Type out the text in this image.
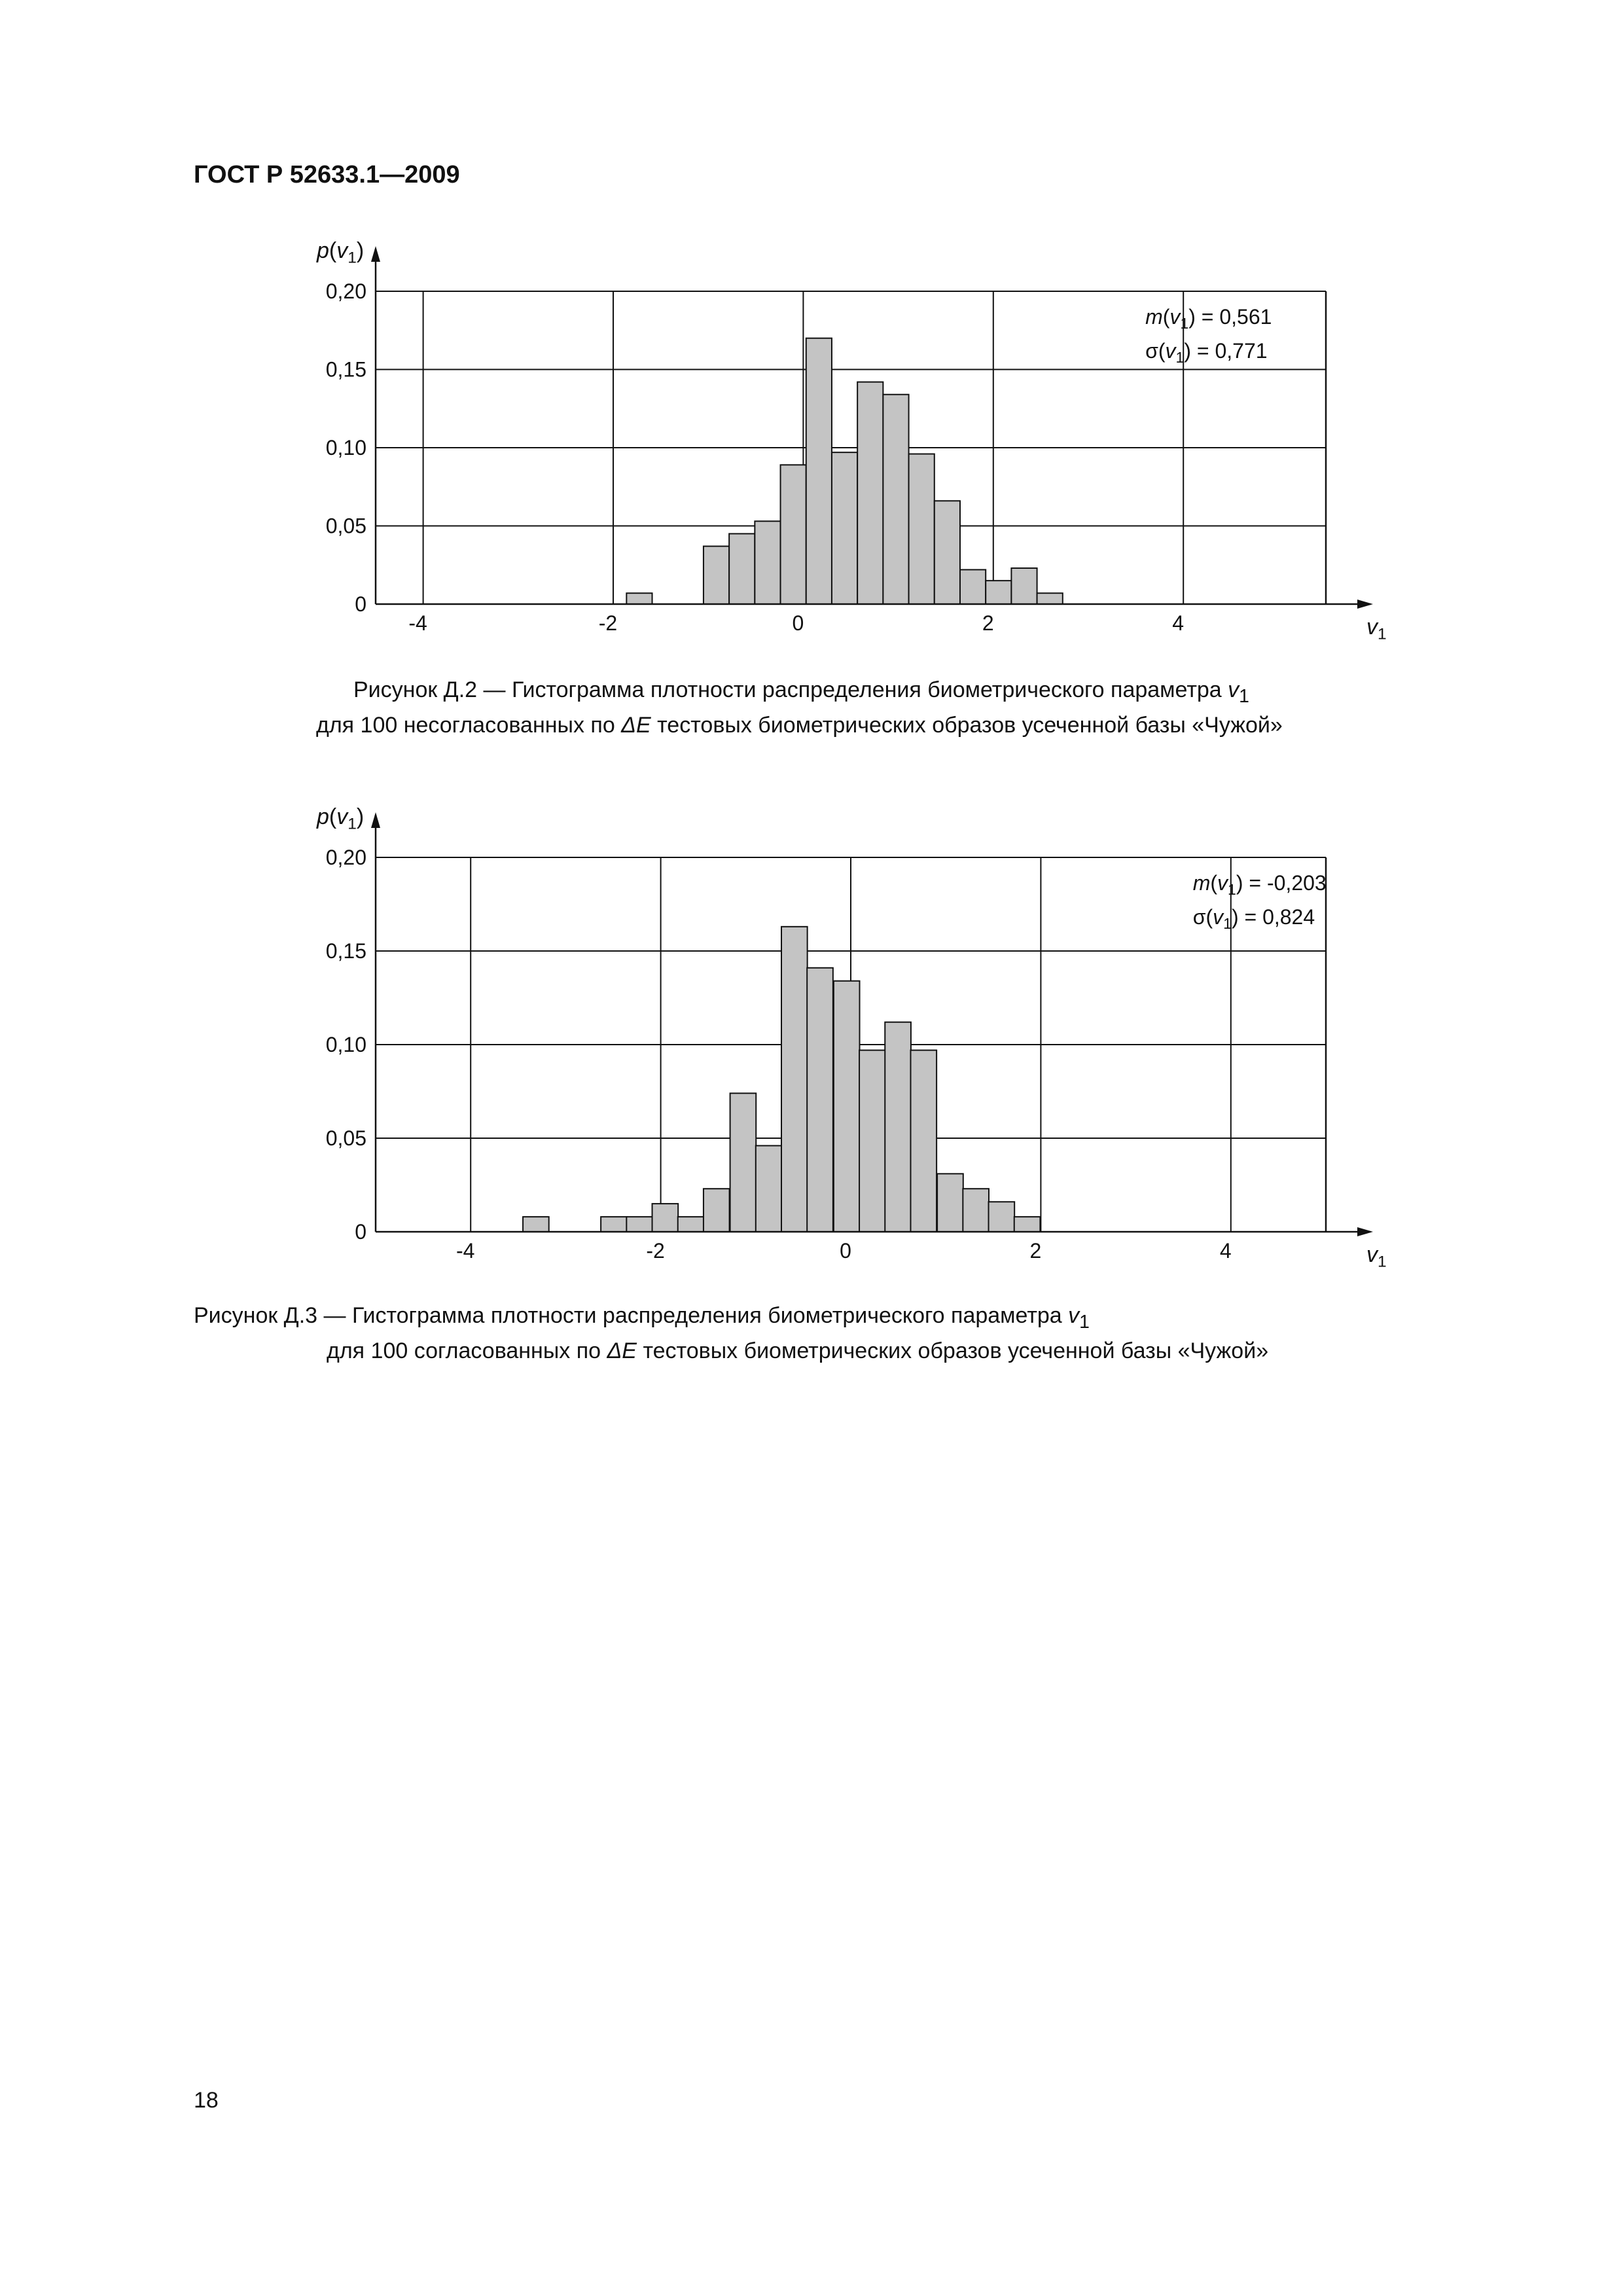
ГОСТ Р 52633.1—2009
0
0,05
0,10
0,15
0,20
-4	-2	0	2	4
$p(v_1)$
$v_1$
$m(v_1) = 0,561$
$\sigma(v_1) = 0,771$
Рисунок Д.2 — Гистограмма плотности распределения биометрического параметра $v_1$
для 100 несогласованных по ΔE тестовых биометрических образов усеченной базы «Чужой»
0
0,05
0,10
0,15
0,20
-4	-2	0	2	4
$p(v_1)$
$v_1$
$m(v_1) = -0,203$
$\sigma(v_1) = 0,824$
Рисунок Д.3 — Гистограмма плотности распределения биометрического параметра $v_1$
для 100 согласованных по ΔE тестовых биометрических образов усеченной базы «Чужой»
18
